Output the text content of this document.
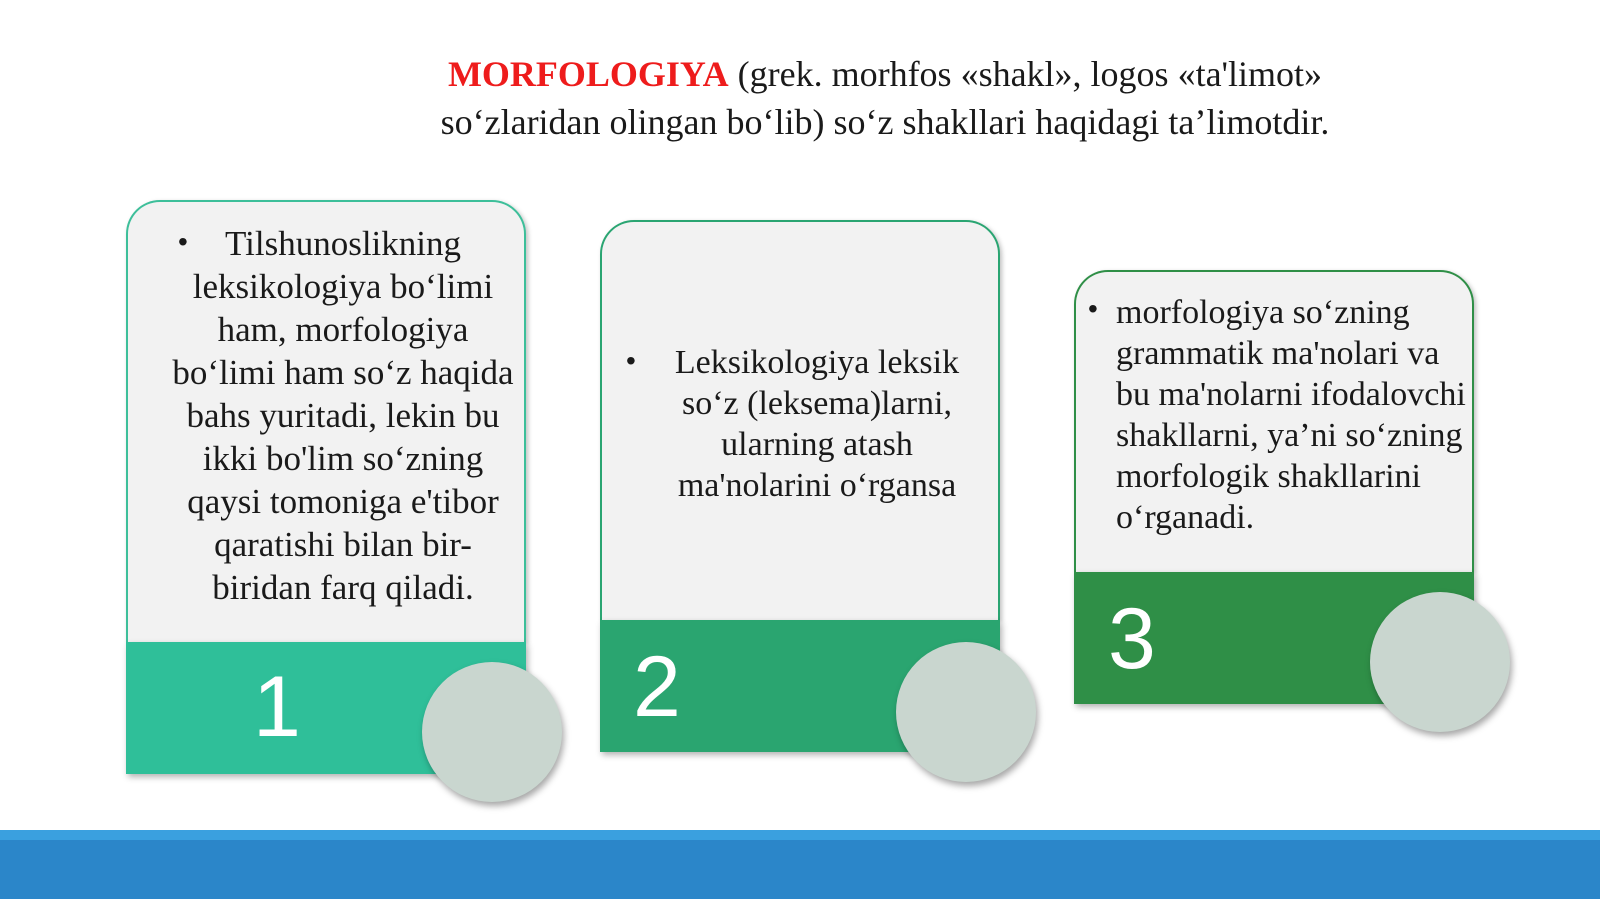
MORFOLOGIYA (grek. morhfos «shakl», logos «ta'limot»
so‘zlaridan olingan bo‘lib) so‘z shakllari haqidagi ta’limotdir.
• Tilshunoslikning leksikologiya bo‘limi ham, morfologiya bo‘limi ham so‘z haqida bahs yuritadi, lekin bu ikki bo'lim so‘zning qaysi tomoniga e'tibor qaratishi bilan bir-biridan farq qiladi.
1
• Leksikologiya leksik so‘z (leksema)larni, ularning atash ma'nolarini o‘rgansa
2
• morfologiya so‘zning grammatik ma'nolari va bu ma'nolarni ifodalovchi shakllarni, ya’ni so‘zning morfologik shakllarini o‘rganadi.
3
